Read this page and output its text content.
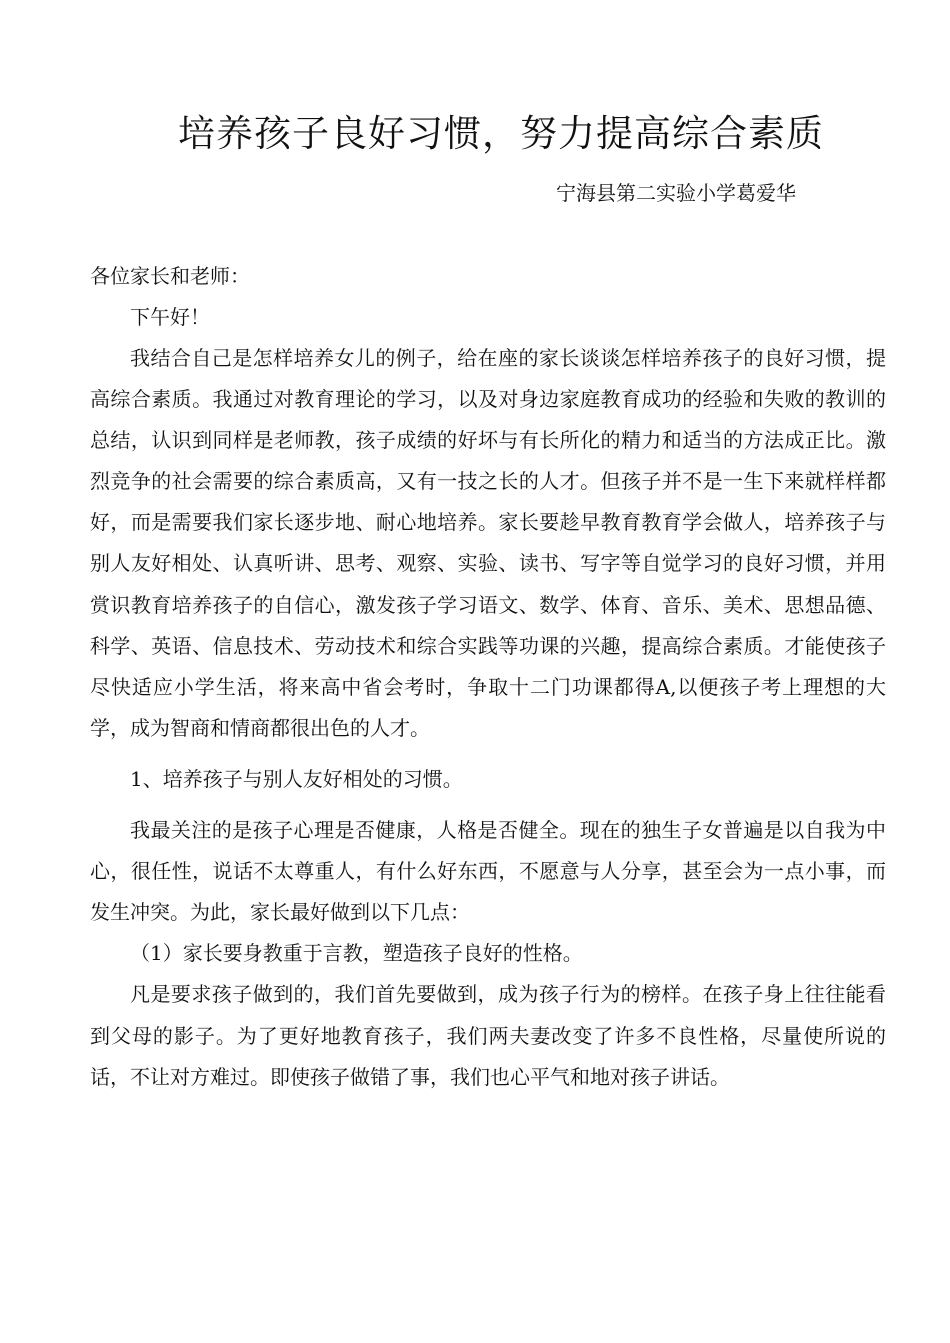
培养孩子良好习惯，努力提高综合素质
宁海县第二实验小学葛爱华

各位家长和老师：

下午好！

我结合自己是怎样培养女儿的例子，给在座的家长谈谈怎样培养孩子的良好习惯，提高综合素质。我通过对教育理论的学习，以及对身边家庭教育成功的经验和失败的教训的总结，认识到同样是老师教，孩子成绩的好坏与有长所化的精力和适当的方法成正比。激烈竞争的社会需要的综合素质高，又有一技之长的人才。但孩子并不是一生下来就样样都好，而是需要我们家长逐步地、耐心地培养。家长要趁早教育教育学会做人，培养孩子与别人友好相处、认真听讲、思考、观察、实验、读书、写字等自觉学习的良好习惯，并用赏识教育培养孩子的自信心，激发孩子学习语文、数学、体育、音乐、美术、思想品德、科学、英语、信息技术、劳动技术和综合实践等功课的兴趣，提高综合素质。才能使孩子尽快适应小学生活，将来高中省会考时，争取十二门功课都得A,以便孩子考上理想的大学，成为智商和情商都很出色的人才。

1、培养孩子与别人友好相处的习惯。

我最关注的是孩子心理是否健康，人格是否健全。现在的独生子女普遍是以自我为中心，很任性，说话不太尊重人，有什么好东西，不愿意与人分享，甚至会为一点小事，而发生冲突。为此，家长最好做到以下几点：

（1）家长要身教重于言教，塑造孩子良好的性格。

凡是要求孩子做到的，我们首先要做到，成为孩子行为的榜样。在孩子身上往往能看到父母的影子。为了更好地教育孩子，我们两夫妻改变了许多不良性格，尽量使所说的话，不让对方难过。即使孩子做错了事，我们也心平气和地对孩子讲话。
